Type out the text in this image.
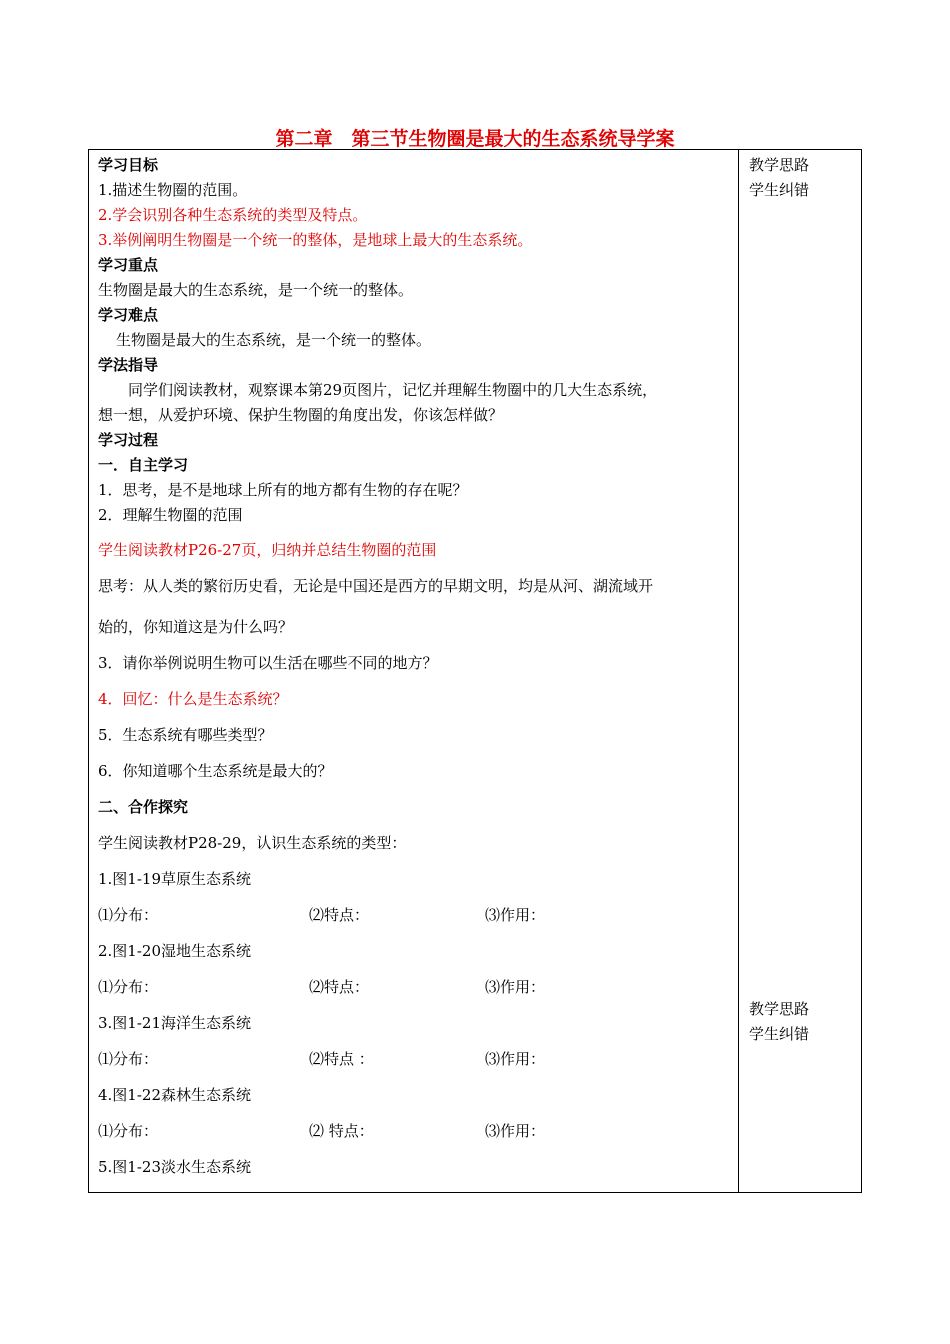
第二章　第三节生物圈是最大的生态系统导学案
教学思路
学生纠错
教学思路
学生纠错
学习目标
1.描述生物圈的范围。
2.学会识别各种生态系统的类型及特点。
3.举例阐明生物圈是一个统一的整体，是地球上最大的生态系统。
学习重点
生物圈是最大的生态系统，是一个统一的整体。
学习难点
生物圈是最大的生态系统，是一个统一的整体。
学法指导
同学们阅读教材，观察课本第29页图片，记忆并理解生物圈中的几大生态系统，
想一想，从爱护环境、保护生物圈的角度出发，你该怎样做？
学习过程
一．自主学习
1．思考，是不是地球上所有的地方都有生物的存在呢？
2．理解生物圈的范围
学生阅读教材P26-27页，归纳并总结生物圈的范围
思考：从人类的繁衍历史看，无论是中国还是西方的早期文明，均是从河、湖流域开
始的，你知道这是为什么吗？
3．请你举例说明生物可以生活在哪些不同的地方？
4．回忆：什么是生态系统？
5．生态系统有哪些类型？
6．你知道哪个生态系统是最大的？
二、合作探究
学生阅读教材P28-29，认识生态系统的类型：
1.图1-19草原生态系统
⑴分布：	⑵特点：	⑶作用：
2.图1-20湿地生态系统
⑴分布：	⑵特点：	⑶作用：
3.图1-21海洋生态系统
⑴分布：	⑵特点 ：	⑶作用：
4.图1-22森林生态系统
⑴分布：	⑵ 特点：	⑶作用：
5.图1-23淡水生态系统
